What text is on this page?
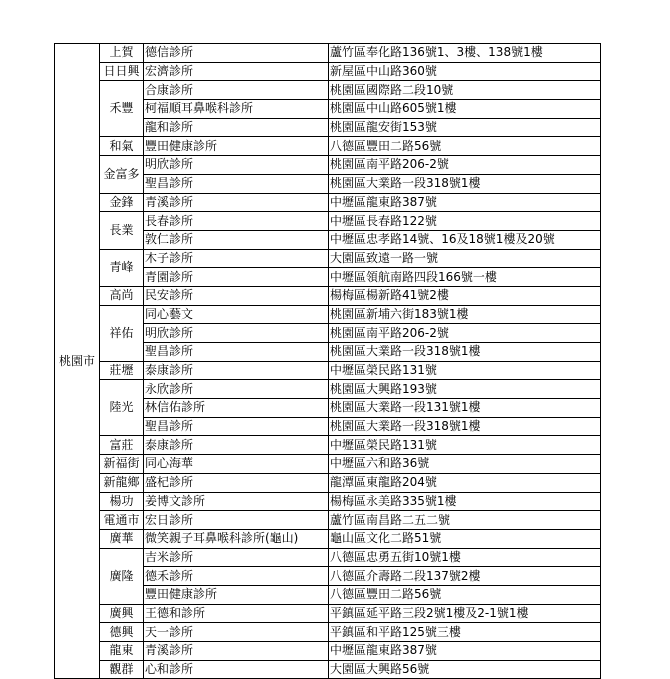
桃園市	上賀	德信診所	蘆竹區奉化路136號1、3樓、138號1樓
	日日興	宏濟診所	新屋區中山路360號
	禾豐	合康診所	桃園區國際路二段10號
		柯福順耳鼻喉科診所	桃園區中山路605號1樓
		龍和診所	桃園區龍安街153號
	和氣	豐田健康診所	八德區豐田二路56號
	金富多	明欣診所	桃園區南平路206-2號
		聖昌診所	桃園區大業路一段318號1樓
	金鋒	青溪診所	中壢區龍東路387號
	長業	長春診所	中壢區長春路122號
		敦仁診所	中壢區忠孝路14號、16及18號1樓及20號
	青峰	木子診所	大園區致遠一路一號
		青園診所	中壢區領航南路四段166號一樓
	高尚	民安診所	楊梅區楊新路41號2樓
	祥佑	同心藝文	桃園區新埔六街183號1樓
		明欣診所	桃園區南平路206-2號
		聖昌診所	桃園區大業路一段318號1樓
	莊壢	泰康診所	中壢區榮民路131號
	陸光	永欣診所	桃園區大興路193號
		林信佑診所	桃園區大業路一段131號1樓
		聖昌診所	桃園區大業路一段318號1樓
	富莊	泰康診所	中壢區榮民路131號
	新福街	同心海華	中壢區六和路36號
	新龍鄉	盛杞診所	龍潭區東龍路204號
	楊功	姜博文診所	楊梅區永美路335號1樓
	電通市	宏日診所	蘆竹區南昌路二五二號
	廣華	微笑親子耳鼻喉科診所(龜山)	龜山區文化二路51號
	廣隆	吉米診所	八德區忠勇五街10號1樓
		德禾診所	八德區介壽路二段137號2樓
		豐田健康診所	八德區豐田二路56號
	廣興	王德和診所	平鎮區延平路三段2號1樓及2-1號1樓
	德興	天一診所	平鎮區和平路125號三樓
	龍東	青溪診所	中壢區龍東路387號
	觀群	心和診所	大園區大興路56號
